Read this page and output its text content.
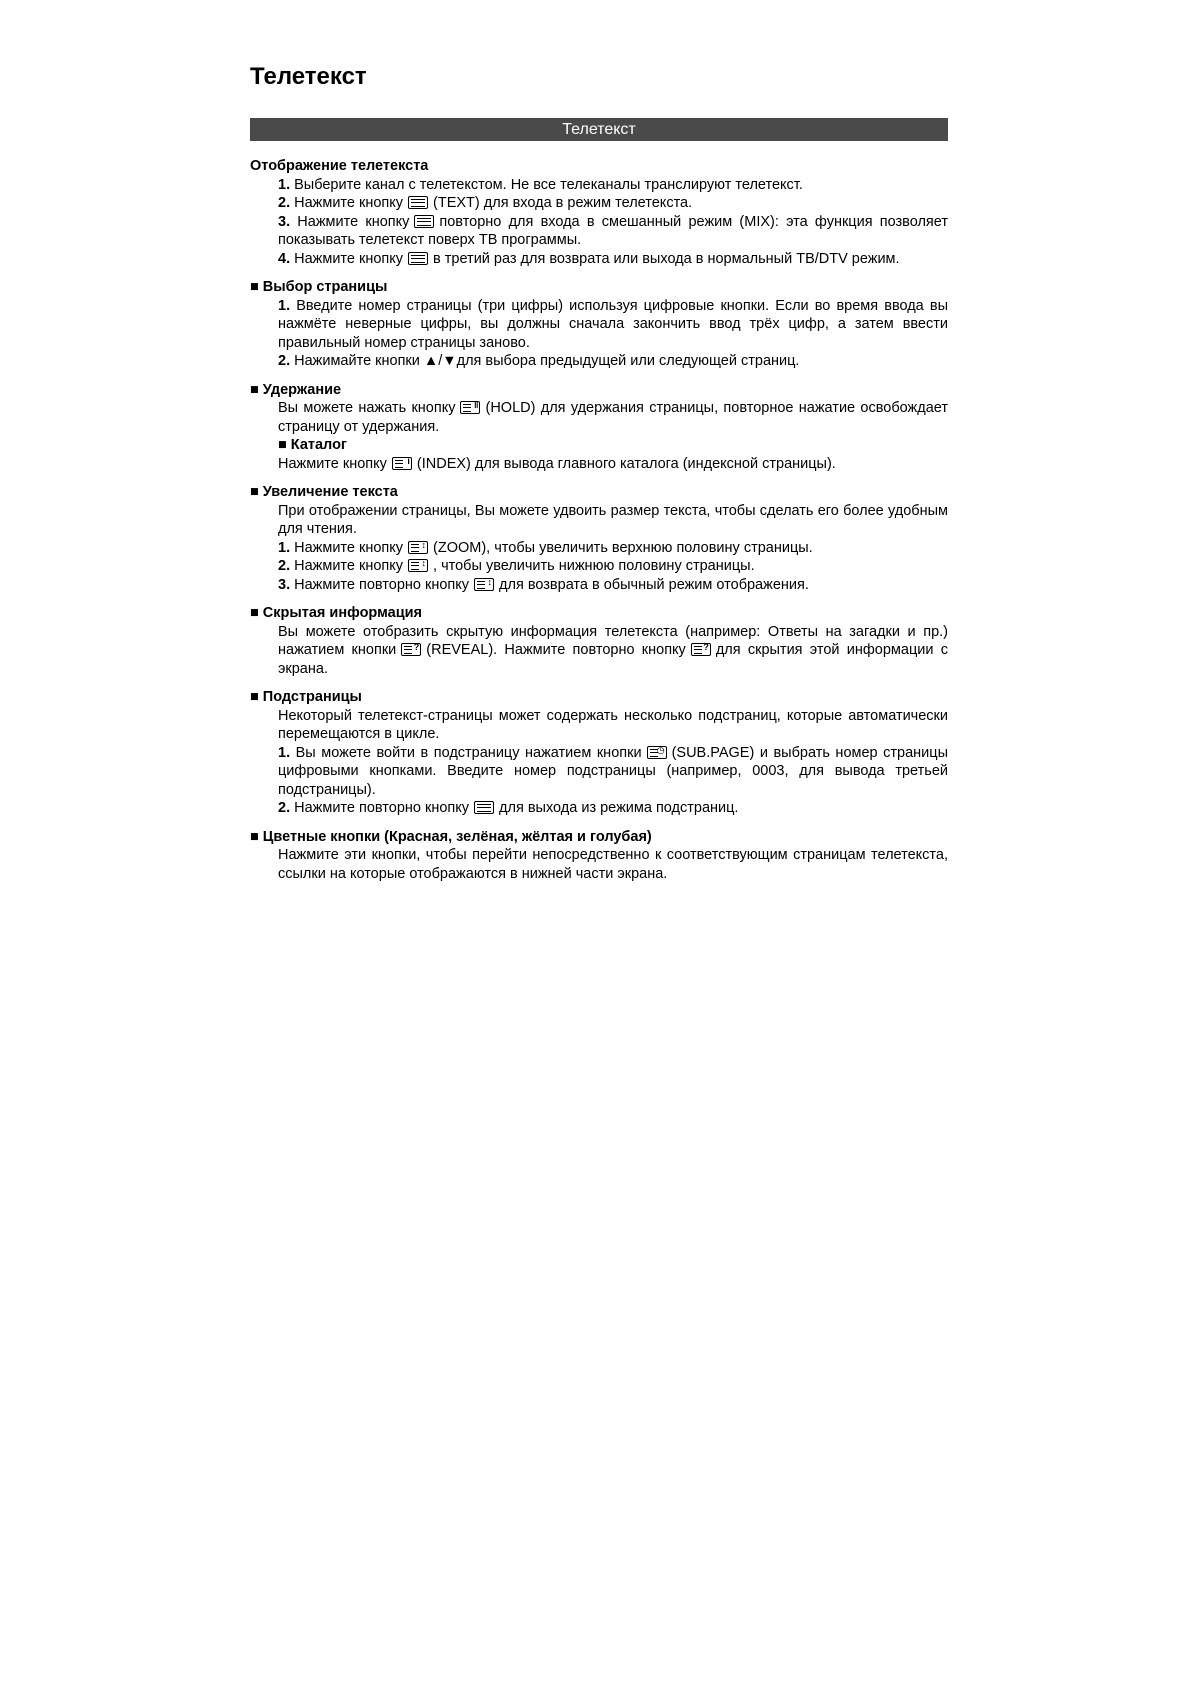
Телетекст
Телетекст
Отображение телетекста

1. Выберите канал с телетекстом. Не все телеканалы транслируют телетекст.

2. Нажмите кнопку (TEXT) для входа в режим телетекста.

3. Нажмите кнопку повторно для входа в смешанный режим (MIX): эта функция позволяет показывать телетекст поверх ТВ программы.

4. Нажмите кнопку в третий раз для возврата или выхода в нормальный ТВ/DTV режим.

■ Выбор страницы

1. Введите номер страницы (три цифры) используя цифровые кнопки. Если во время ввода вы нажмёте неверные цифры, вы должны сначала закончить ввод трёх цифр, а затем ввести правильный номер страницы заново.

2. Нажимайте кнопки ▲/▼для выбора предыдущей или следующей страниц.

■ Удержание

Вы можете нажать кнопку ‖ (HOLD) для удержания страницы, повторное нажатие освобождает страницу от удержания.

■ Каталог

Нажмите кнопку i (INDEX) для вывода главного каталога (индексной страницы).

■ Увеличение текста

При отображении страницы, Вы можете удвоить размер текста, чтобы сделать его более удобным для чтения.

1. Нажмите кнопку ↕ (ZOOM), чтобы увеличить верхнюю половину страницы.

2. Нажмите кнопку ↕ , чтобы увеличить нижнюю половину страницы.

3. Нажмите повторно кнопку ↕ для возврата в обычный режим отображения.

■ Скрытая информация

Вы можете отобразить скрытую информация телетекста (например: Ответы на загадки и пр.) нажатием кнопки ? (REVEAL). Нажмите повторно кнопку ? для скрытия этой информации с экрана.

■ Подстраницы

Некоторый телетекст-страницы может содержать несколько подстраниц, которые автоматически перемещаются в цикле.

1. Вы можете войти в подстраницу нажатием кнопки ◷ (SUB.PAGE) и выбрать номер страницы цифровыми кнопками. Введите номер подстраницы (например, 0003, для вывода третьей подстраницы).

2. Нажмите повторно кнопку для выхода из режима подстраниц.

■ Цветные кнопки (Красная, зелёная, жёлтая и голубая)

Нажмите эти кнопки, чтобы перейти непосредственно к соответствующим страницам телетекста, ссылки на которые отображаются в нижней части экрана.
